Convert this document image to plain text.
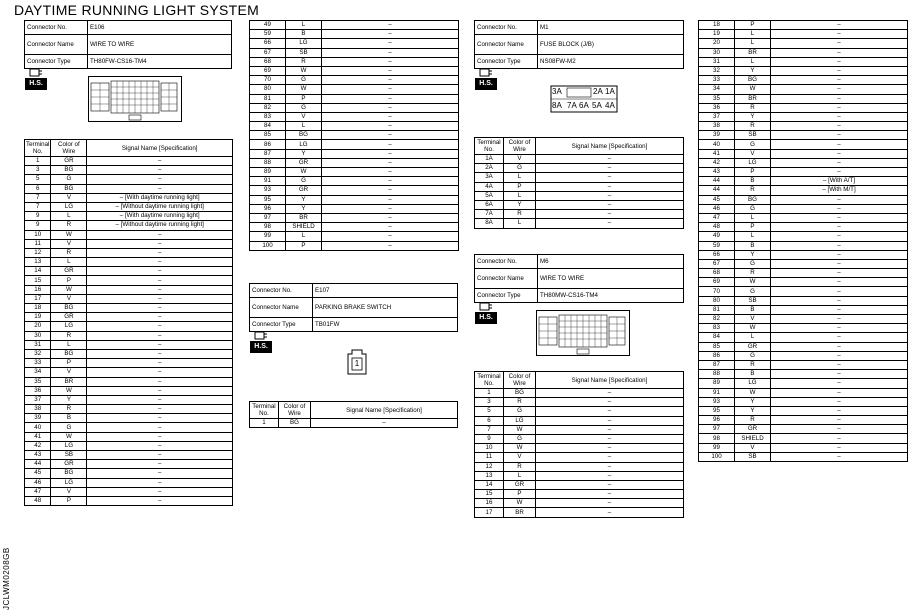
DAYTIME RUNNING LIGHT SYSTEM
JCLWM0208GB
Connector No.	E106
Connector Name	WIRE TO WIRE
Connector Type	TH80FW-CS16-TM4
H.S.
Terminal No.	Color of Wire	Signal Name [Specification]
1	GR	–
3	BG	–
5	G	–
6	BG	–
7	V	– [With daytime running light]
7	LG	– [Without daytime running light]
9	L	– [With daytime running light]
9	R	– [Without daytime running light]
10	W	–
11	V	–
12	R	–
13	L	–
14	GR	–
15	P	–
16	W	–
17	V	–
18	BG	–
19	GR	–
20	LG	–
30	R	–
31	L	–
32	BG	–
33	P	–
34	V	–
35	BR	–
36	W	–
37	Y	–
38	R	–
39	B	–
40	G	–
41	W	–
42	LG	–
43	SB	–
44	GR	–
45	BG	–
46	LG	–
47	V	–
48	P	–
49	L	–
59	B	–
66	LG	–
67	SB	–
68	R	–
69	W	–
70	G	–
80	W	–
81	P	–
82	G	–
83	V	–
84	L	–
85	BG	–
86	LG	–
87	Y	–
88	GR	–
89	W	–
91	G	–
93	GR	–
95	Y	–
96	Y	–
97	BR	–
98	SHIELD	–
99	L	–
100	P	–
Connector No.	E107
Connector Name	PARKING BRAKE SWITCH
Connector Type	TB01FW
H.S.
1
Terminal No.	Color of Wire	Signal Name [Specification]
1	BG	–
Connector No.	M1
Connector Name	FUSE BLOCK (J/B)
Connector Type	NS08FW-M2
H.S.
3A	2A 1A
8A 7A 6A 5A 4A
Terminal No.	Color of Wire	Signal Name [Specification]
1A	V	–
2A	G	–
3A	L	–
4A	P	–
5A	L	–
6A	Y	–
7A	R	–
8A	L	–
Connector No.	M6
Connector Name	WIRE TO WIRE
Connector Type	TH80MW-CS16-TM4
H.S.
Terminal No.	Color of Wire	Signal Name [Specification]
1	BG	–
3	R	–
5	G	–
6	LG	–
7	W	–
9	G	–
10	W	–
11	V	–
12	R	–
13	L	–
14	GR	–
15	P	–
16	W	–
17	BR	–
18	P	–
19	L	–
20	L	–
30	BR	–
31	L	–
32	Y	–
33	BG	–
34	W	–
35	BR	–
36	R	–
37	Y	–
38	R	–
39	SB	–
40	G	–
41	V	–
42	LG	–
43	P	–
44	B	– [With A/T]
44	R	– [With M/T]
45	BG	–
46	G	–
47	L	–
48	P	–
49	L	–
59	B	–
66	Y	–
67	G	–
68	R	–
69	W	–
70	G	–
80	SB	–
81	B	–
82	V	–
83	W	–
84	L	–
85	GR	–
86	G	–
87	R	–
88	B	–
89	LG	–
91	W	–
93	Y	–
95	Y	–
96	R	–
97	GR	–
98	SHIELD	–
99	V	–
100	SB	–
